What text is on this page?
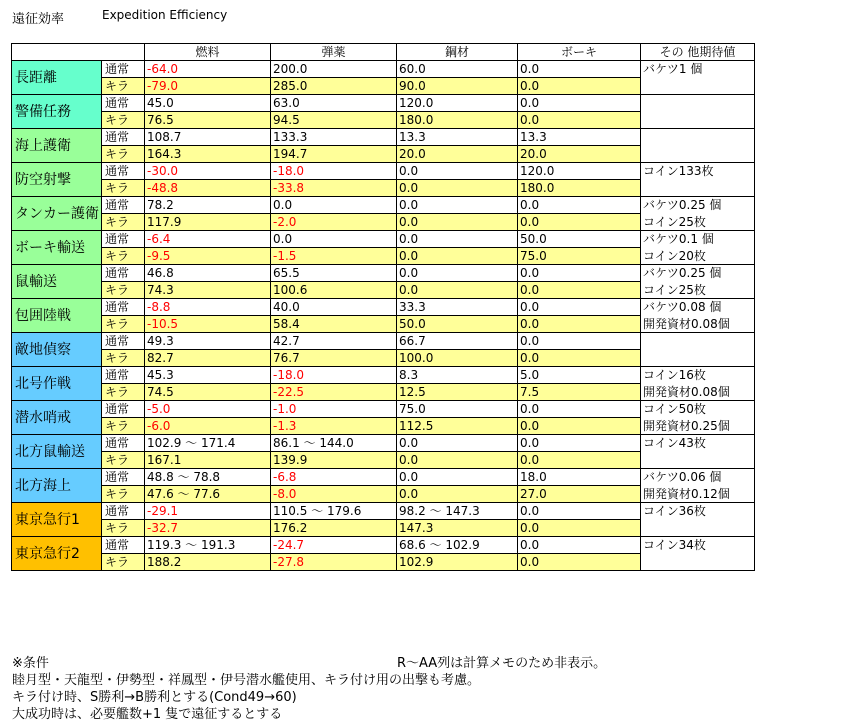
遠征効率	Expedition Efficiency
		燃料	弾薬	鋼材	ボーキ	その 他期待値
長距離	通常	-64.0	200.0	60.0	0.0	バケツ1 個
	キラ	-79.0	285.0	90.0	0.0	
警備任務	通常	45.0	63.0	120.0	0.0	
	キラ	76.5	94.5	180.0	0.0	
海上護衛	通常	108.7	133.3	13.3	13.3	
	キラ	164.3	194.7	20.0	20.0	
防空射撃	通常	-30.0	-18.0	0.0	120.0	コイン133枚
	キラ	-48.8	-33.8	0.0	180.0	
タンカー護衛	通常	78.2	0.0	0.0	0.0	バケツ0.25 個
	キラ	117.9	-2.0	0.0	0.0	コイン25枚
ボーキ輸送	通常	-6.4	0.0	0.0	50.0	バケツ0.1 個
	キラ	-9.5	-1.5	0.0	75.0	コイン20枚
鼠輸送	通常	46.8	65.5	0.0	0.0	バケツ0.25 個
	キラ	74.3	100.6	0.0	0.0	コイン25枚
包囲陸戦	通常	-8.8	40.0	33.3	0.0	バケツ0.08 個
	キラ	-10.5	58.4	50.0	0.0	開発資材0.08個
敵地偵察	通常	49.3	42.7	66.7	0.0	
	キラ	82.7	76.7	100.0	0.0	
北号作戦	通常	45.3	-18.0	8.3	5.0	コイン16枚
	キラ	74.5	-22.5	12.5	7.5	開発資材0.08個
潜水哨戒	通常	-5.0	-1.0	75.0	0.0	コイン50枚
	キラ	-6.0	-1.3	112.5	0.0	開発資材0.25個
北方鼠輸送	通常	102.9 ～ 171.4	86.1 ～ 144.0	0.0	0.0	コイン43枚
	キラ	167.1	139.9	0.0	0.0	
北方海上	通常	48.8 ～ 78.8	-6.8	0.0	18.0	バケツ0.06 個
	キラ	47.6 ～ 77.6	-8.0	0.0	27.0	開発資材0.12個
東京急行1	通常	-29.1	110.5 ～ 179.6	98.2 ～ 147.3	0.0	コイン36枚
	キラ	-32.7	176.2	147.3	0.0	
東京急行2	通常	119.3 ～ 191.3	-24.7	68.6 ～ 102.9	0.0	コイン34枚
	キラ	188.2	-27.8	102.9	0.0	
※条件
睦月型・天龍型・伊勢型・祥鳳型・伊号潜水艦使用、キラ付け用の出撃も考慮。
キラ付け時、S勝利→B勝利とする(Cond49→60)
大成功時は、必要艦数+1 隻で遠征するとする
R～AA列は計算メモのため非表示。
